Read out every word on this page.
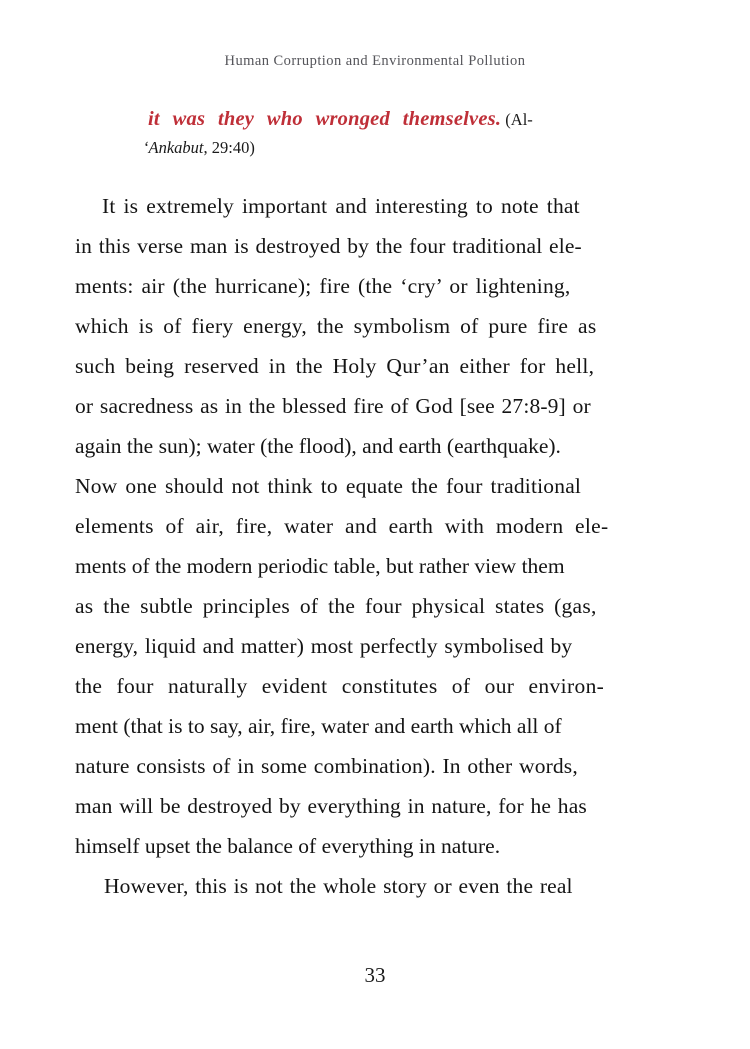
Human Corruption and Environmental Pollution
it was they who wronged themselves. (Al-
‘Ankabut, 29:40)
It is extremely important and interesting to note that
in this verse man is destroyed by the four traditional ele-
ments: air (the hurricane); fire (the ‘cry’ or lightening,
which is of fiery energy, the symbolism of pure fire as
such being reserved in the Holy Qur’an either for hell,
or sacredness as in the blessed fire of God [see 27:8-9] or
again the sun); water (the flood), and earth (earthquake).
Now one should not think to equate the four traditional
elements of air, fire, water and earth with modern ele-
ments of the modern periodic table, but rather view them
as the subtle principles of the four physical states (gas,
energy, liquid and matter) most perfectly symbolised by
the four naturally evident constitutes of our environ-
ment (that is to say, air, fire, water and earth which all of
nature consists of in some combination). In other words,
man will be destroyed by everything in nature, for he has
himself upset the balance of everything in nature.
However, this is not the whole story or even the real
33
